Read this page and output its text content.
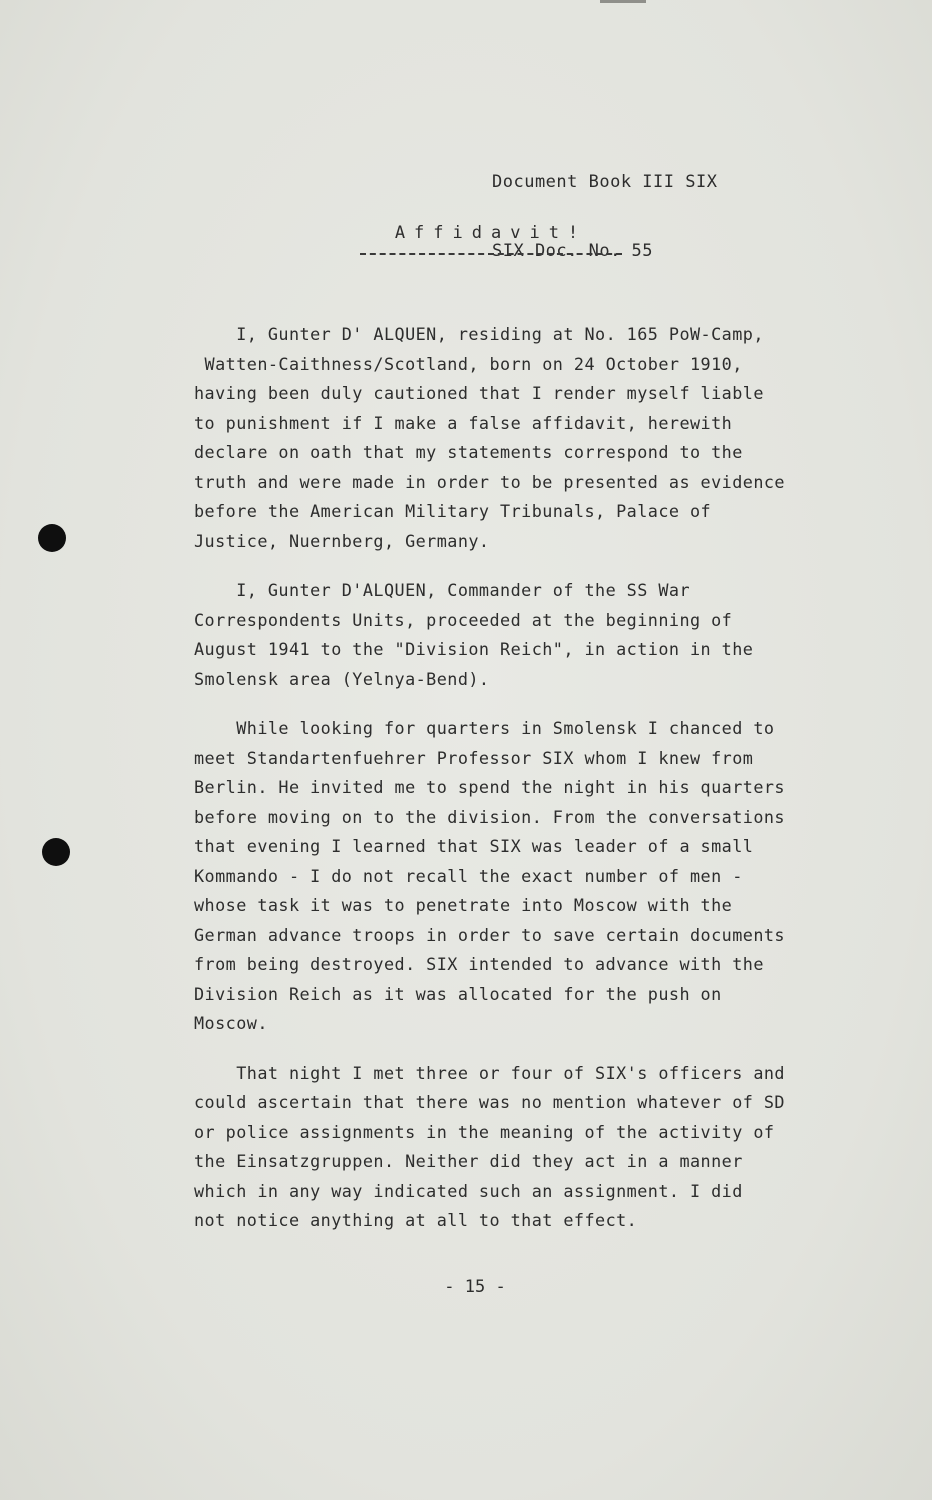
Document Book III SIX

SIX Doc. No. 55

Affidavit!
I, Gunter D' ALQUEN, residing at No. 165 PoW-Camp,
Watten-Caithness/Scotland, born on 24 October 1910,
having been duly cautioned that I render myself liable
to punishment if I make a false affidavit, herewith
declare on oath that my statements correspond to the
truth and were made in order to be presented as evidence
before the American Military Tribunals, Palace of
Justice, Nuernberg, Germany.
I, Gunter D'ALQUEN, Commander of the SS War
Correspondents Units, proceeded at the beginning of
August 1941 to the "Division Reich", in action in the
Smolensk area (Yelnya-Bend).
While looking for quarters in Smolensk I chanced to
meet Standartenfuehrer Professor SIX whom I knew from
Berlin. He invited me to spend the night in his quarters
before moving on to the division. From the conversations
that evening I learned that SIX was leader of a small
Kommando - I do not recall the exact number of men -
whose task it was to penetrate into Moscow with the
German advance troops in order to save certain documents
from being destroyed. SIX intended to advance with the
Division Reich as it was allocated for the push on
Moscow.
That night I met three or four of SIX's officers and
could ascertain that there was no mention whatever of SD
or police assignments in the meaning of the activity of
the Einsatzgruppen. Neither did they act in a manner
which in any way indicated such an assignment. I did
not notice anything at all to that effect.
- 15 -
